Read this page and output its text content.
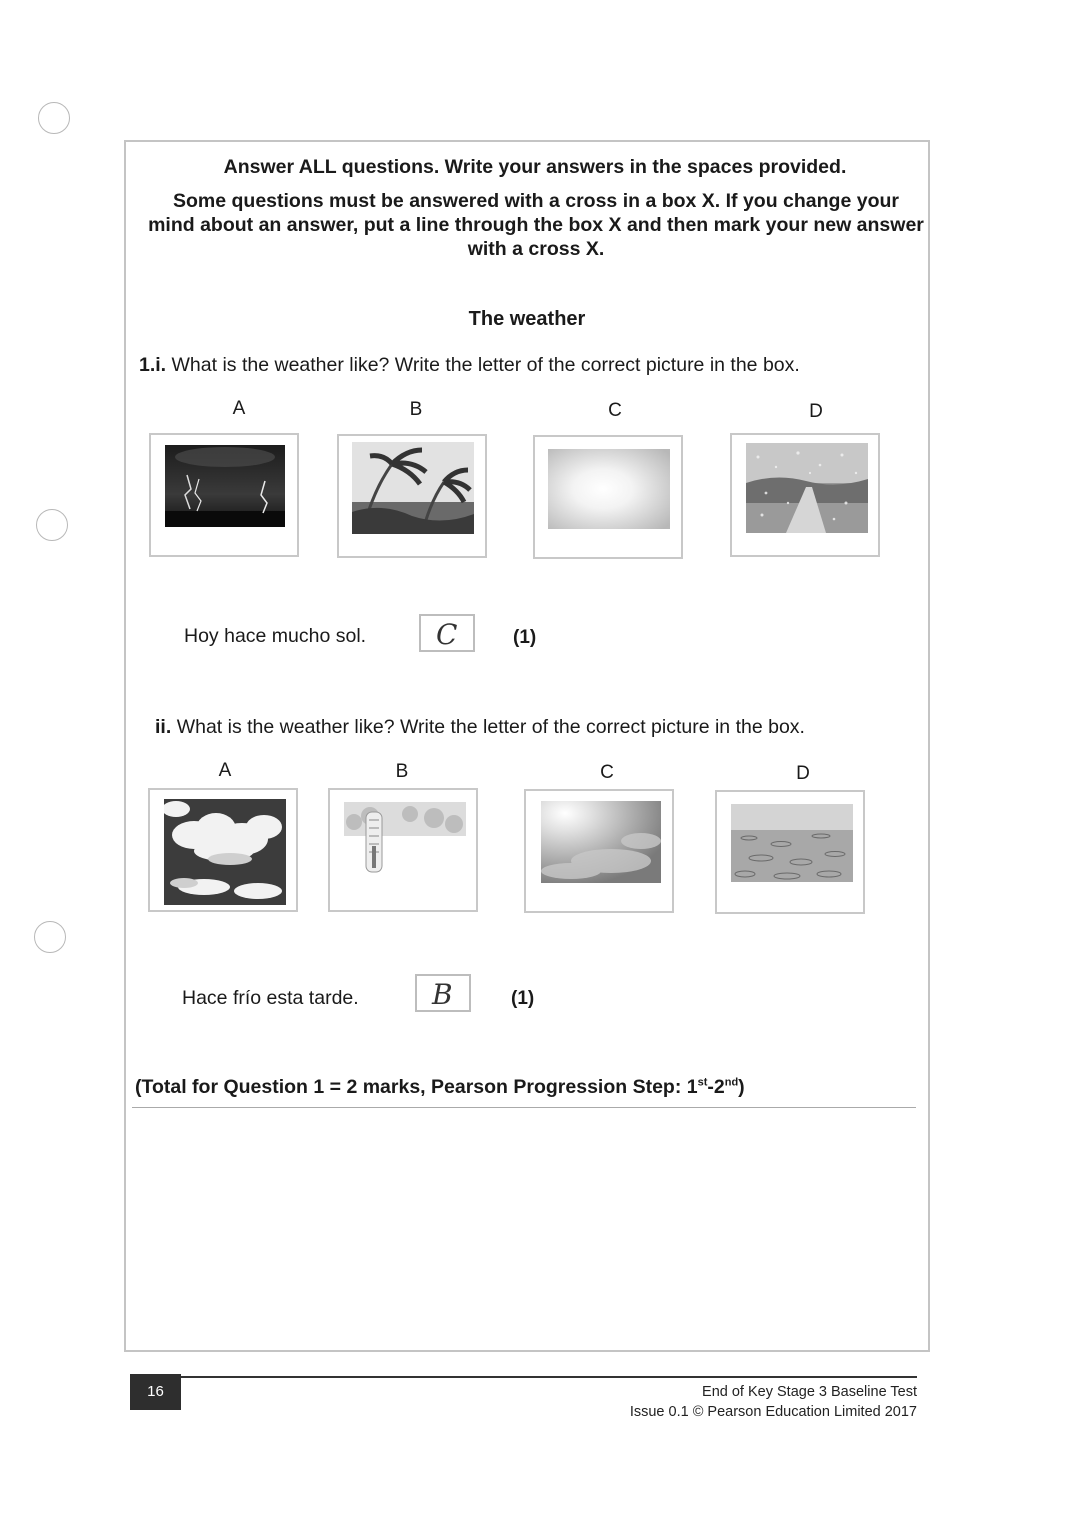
Answer ALL questions. Write your answers in the spaces provided.
Some questions must be answered with a cross in a box X. If you change your mind about an answer, put a line through the box X and then mark your new answer with a cross X.
The weather
1.i. What is the weather like? Write the letter of the correct picture in the box.
A	B	C	D
Hoy hace mucho sol. C	(1)
ii. What is the weather like? Write the letter of the correct picture in the box.
A	B	C	D
Hace frío esta tarde.	B	(1)
(Total for Question 1 = 2 marks, Pearson Progression Step: 1st-2nd)
16	End of Key Stage 3 Baseline Test
Issue 0.1 © Pearson Education Limited 2017
